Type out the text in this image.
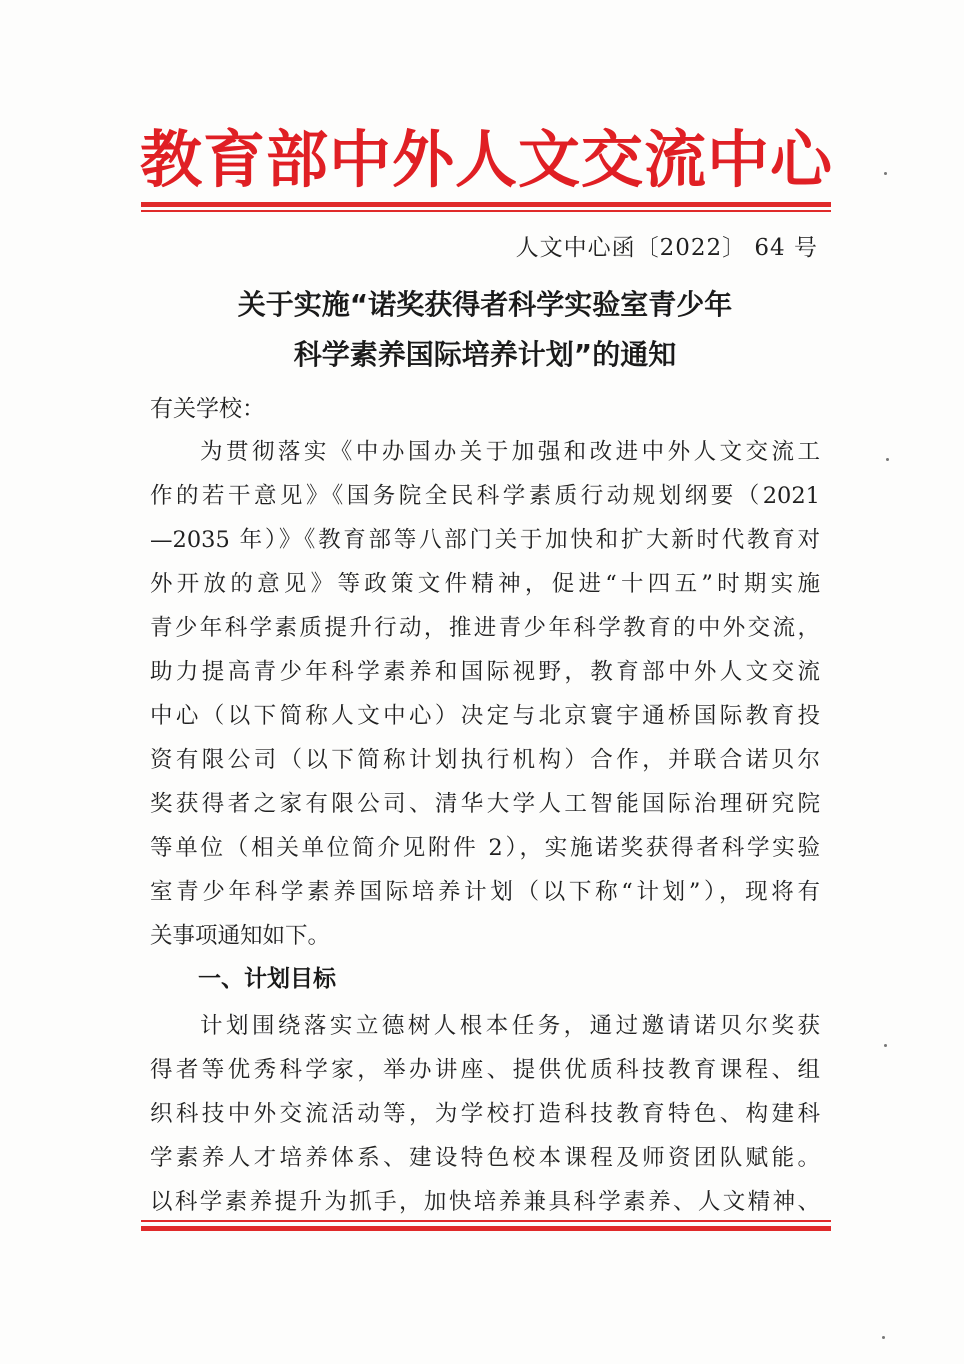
教育部中外人文交流中心
人文中心函〔2022〕 64 号
关于实施“诺奖获得者科学实验室青少年
科学素养国际培养计划”的通知
有关学校：
为贯彻落实《中办国办关于加强和改进中外人文交流工
作的若干意见》《国务院全民科学素质行动规划纲要（2021
—2035 年）》《教育部等八部门关于加快和扩大新时代教育对
外开放的意见》等政策文件精神，促进“十四五”时期实施
青少年科学素质提升行动，推进青少年科学教育的中外交流，
助力提高青少年科学素养和国际视野，教育部中外人文交流
中心（以下简称人文中心）决定与北京寰宇通桥国际教育投
资有限公司（以下简称计划执行机构）合作，并联合诺贝尔
奖获得者之家有限公司、清华大学人工智能国际治理研究院
等单位（相关单位简介见附件 2），实施诺奖获得者科学实验
室青少年科学素养国际培养计划（以下称“计划”），现将有
关事项通知如下。
一、计划目标
计划围绕落实立德树人根本任务，通过邀请诺贝尔奖获
得者等优秀科学家，举办讲座、提供优质科技教育课程、组
织科技中外交流活动等，为学校打造科技教育特色、构建科
学素养人才培养体系、建设特色校本课程及师资团队赋能。
以科学素养提升为抓手，加快培养兼具科学素养、人文精神、
